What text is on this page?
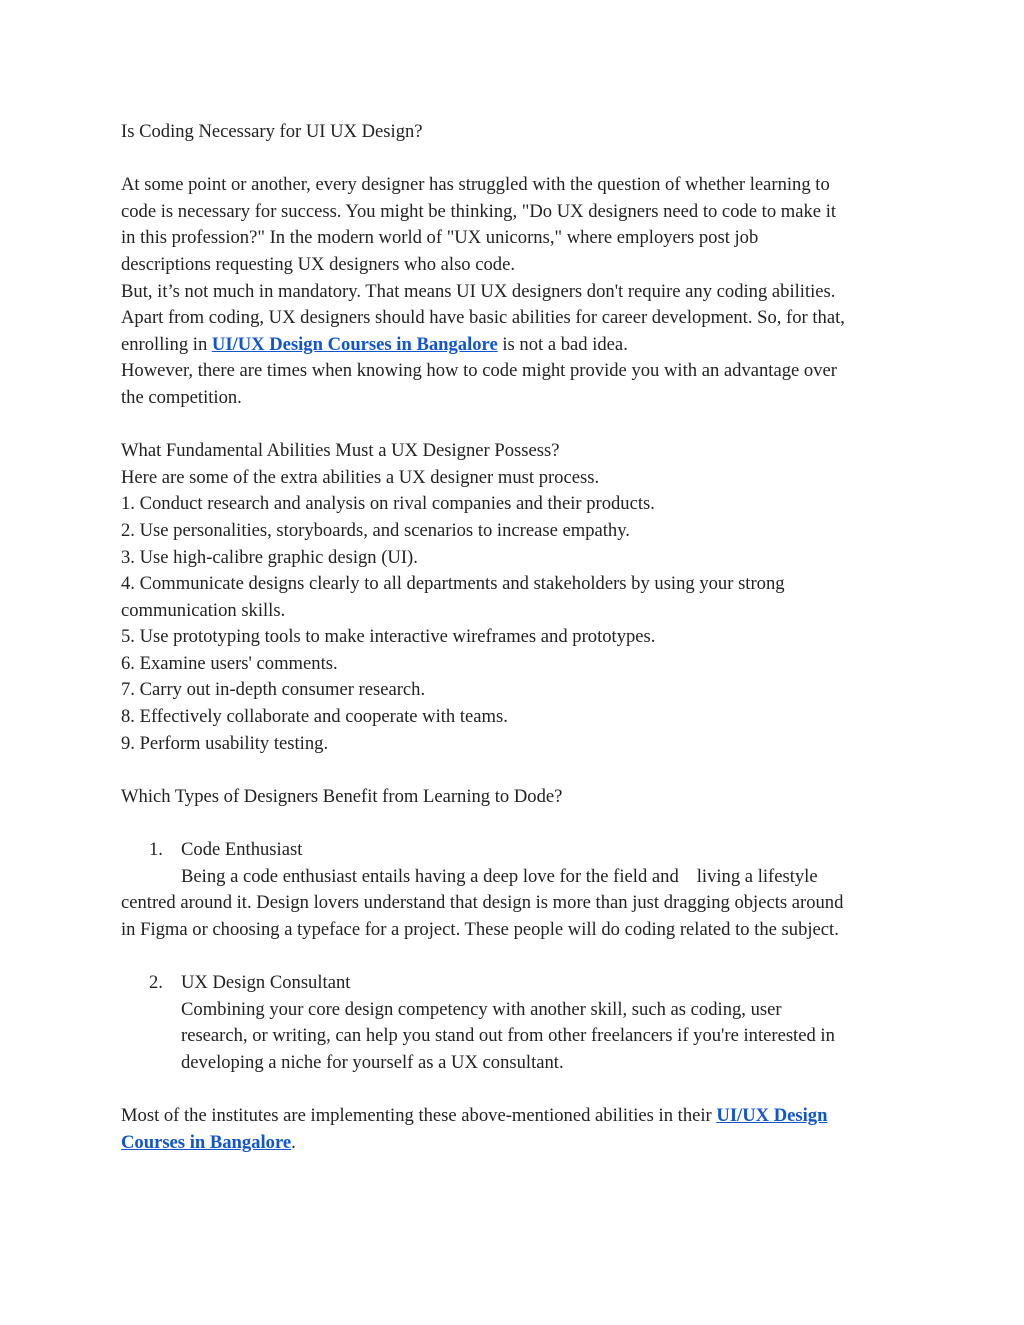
Is Coding Necessary for UI UX Design?
At some point or another, every designer has struggled with the question of whether learning to
code is necessary for success. You might be thinking, "Do UX designers need to code to make it
in this profession?" In the modern world of "UX unicorns," where employers post job
descriptions requesting UX designers who also code.
But, it’s not much in mandatory. That means UI UX designers don't require any coding abilities.
Apart from coding, UX designers should have basic abilities for career development. So, for that,
enrolling in UI/UX Design Courses in Bangalore is not a bad idea.
However, there are times when knowing how to code might provide you with an advantage over
the competition.
What Fundamental Abilities Must a UX Designer Possess?
Here are some of the extra abilities a UX designer must process.
1. Conduct research and analysis on rival companies and their products.
2. Use personalities, storyboards, and scenarios to increase empathy.
3. Use high-calibre graphic design (UI).
4. Communicate designs clearly to all departments and stakeholders by using your strong
communication skills.
5. Use prototyping tools to make interactive wireframes and prototypes.
6. Examine users' comments.
7. Carry out in-depth consumer research.
8. Effectively collaborate and cooperate with teams.
9. Perform usability testing.
Which Types of Designers Benefit from Learning to Dode?
1. Code Enthusiast
Being a code enthusiast entails having a deep love for the field and living a lifestyle
centred around it. Design lovers understand that design is more than just dragging objects around
in Figma or choosing a typeface for a project. These people will do coding related to the subject.
2. UX Design Consultant
Combining your core design competency with another skill, such as coding, user
research, or writing, can help you stand out from other freelancers if you're interested in
developing a niche for yourself as a UX consultant.
Most of the institutes are implementing these above-mentioned abilities in their UI/UX Design
Courses in Bangalore.
